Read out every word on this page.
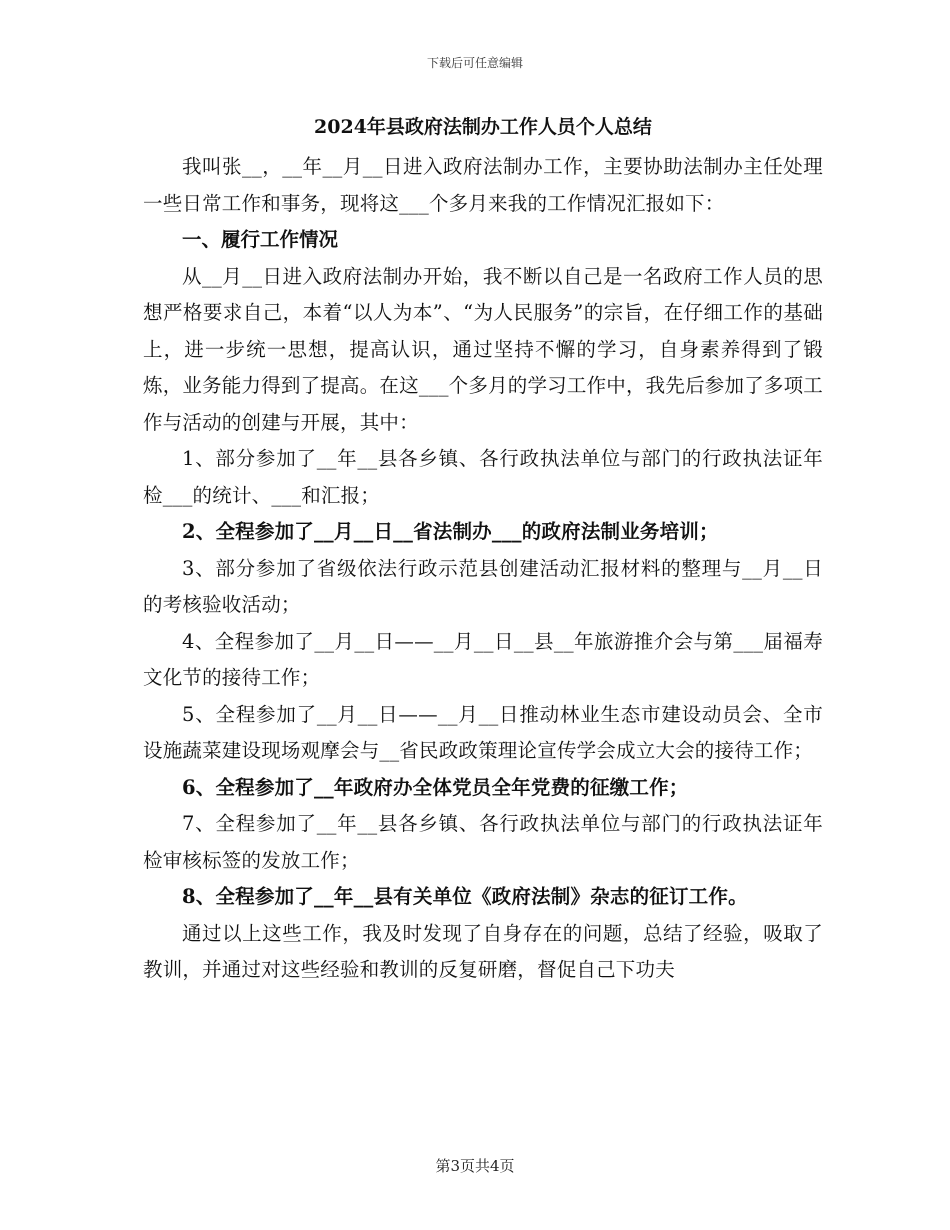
下载后可任意编辑
2024年县政府法制办工作人员个人总结

我叫张__，__年__月__日进入政府法制办工作，主要协助法制办主任处理一些日常工作和事务，现将这___个多月来我的工作情况汇报如下：

一、履行工作情况

从__月__日进入政府法制办开始，我不断以自己是一名政府工作人员的思想严格要求自己，本着“以人为本”、“为人民服务”的宗旨，在仔细工作的基础上，进一步统一思想，提高认识，通过坚持不懈的学习，自身素养得到了锻炼，业务能力得到了提高。在这___个多月的学习工作中，我先后参加了多项工作与活动的创建与开展，其中：

1、部分参加了__年__县各乡镇、各行政执法单位与部门的行政执法证年检___的统计、___和汇报；

2、全程参加了__月__日__省法制办___的政府法制业务培训；

3、部分参加了省级依法行政示范县创建活动汇报材料的整理与__月__日的考核验收活动；

4、全程参加了__月__日——__月__日__县__年旅游推介会与第___届福寿文化节的接待工作；

5、全程参加了__月__日——__月__日推动林业生态市建设动员会、全市设施蔬菜建设现场观摩会与__省民政政策理论宣传学会成立大会的接待工作；

6、全程参加了__年政府办全体党员全年党费的征缴工作；

7、全程参加了__年__县各乡镇、各行政执法单位与部门的行政执法证年检审核标签的发放工作；

8、全程参加了__年__县有关单位《政府法制》杂志的征订工作。

通过以上这些工作，我及时发现了自身存在的问题，总结了经验，吸取了教训，并通过对这些经验和教训的反复研磨，督促自己下功夫

第3页共4页
